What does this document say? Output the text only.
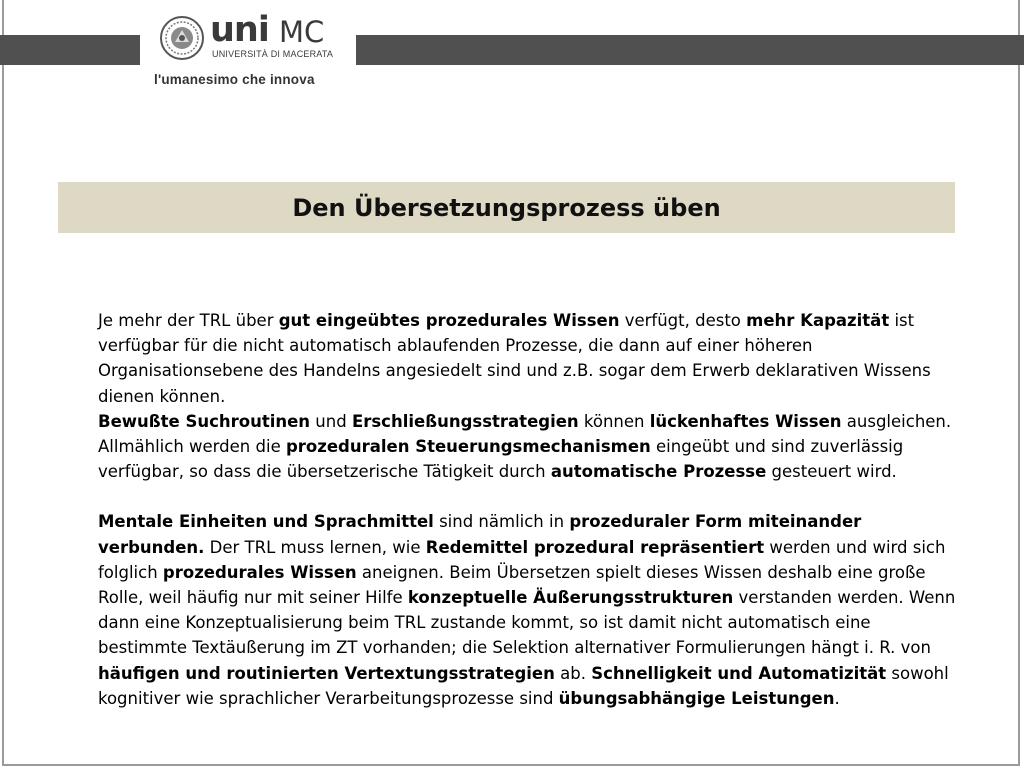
uni MC
UNIVERSITÀ DI MACERATA
l'umanesimo che innova
Den Übersetzungsprozess üben

Je mehr der TRL über gut eingeübtes prozedurales Wissen verfügt, desto mehr Kapazität ist verfügbar für die nicht automatisch ablaufenden Prozesse, die dann auf einer höheren Organisationsebene des Handelns angesiedelt sind und z.B. sogar dem Erwerb deklarativen Wissens dienen können.

Bewußte Suchroutinen und Erschließungsstrategien können lückenhaftes Wissen ausgleichen. Allmählich werden die prozeduralen Steuerungsmechanismen eingeübt und sind zuverlässig verfügbar, so dass die übersetzerische Tätigkeit durch automatische Prozesse gesteuert wird.

Mentale Einheiten und Sprachmittel sind nämlich in prozeduraler Form miteinander verbunden. Der TRL muss lernen, wie Redemittel prozedural repräsentiert werden und wird sich folglich prozedurales Wissen aneignen. Beim Übersetzen spielt dieses Wissen deshalb eine große Rolle, weil häufig nur mit seiner Hilfe konzeptuelle Äußerungsstrukturen verstanden werden. Wenn dann eine Konzeptualisierung beim TRL zustande kommt, so ist damit nicht automatisch eine bestimmte Textäußerung im ZT vorhanden; die Selektion alternativer Formulierungen hängt i. R. von häufigen und routinierten Vertextungsstrategien ab. Schnelligkeit und Automatizität sowohl kognitiver wie sprachlicher Verarbeitungsprozesse sind übungsabhängige Leistungen.
